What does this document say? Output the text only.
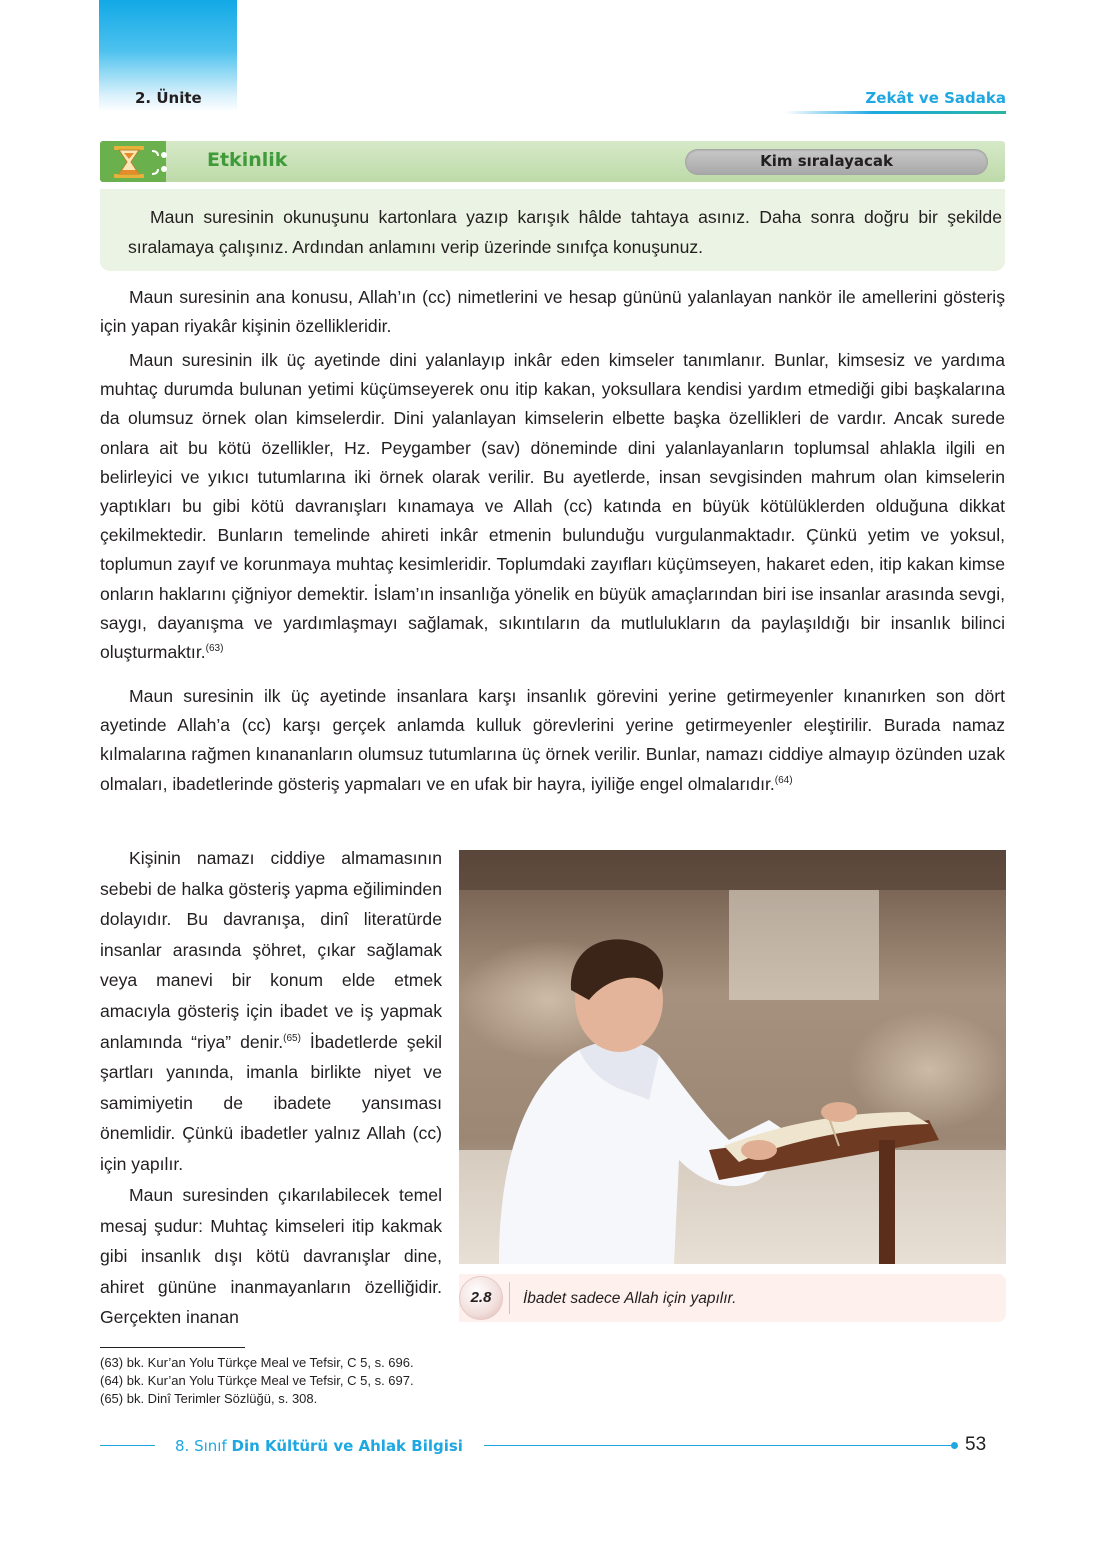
2. Ünite	Zekât ve Sadaka
Etkinlik	Kim sıralayacak
Maun suresinin okunuşunu kartonlara yazıp karışık hâlde tahtaya asınız. Daha sonra doğru bir şekilde sıralamaya çalışınız. Ardından anlamını verip üzerinde sınıfça konuşunuz.

Maun suresinin ana konusu, Allah’ın (cc) nimetlerini ve hesap gününü yalanlayan nankör ile amellerini gösteriş için yapan riyakâr kişinin özellikleridir.

Maun suresinin ilk üç ayetinde dini yalanlayıp inkâr eden kimseler tanımlanır. Bunlar, kimsesiz ve yardıma muhtaç durumda bulunan yetimi küçümseyerek onu itip kakan, yoksullara kendisi yardım etmediği gibi başkalarına da olumsuz örnek olan kimselerdir. Dini yalanlayan kimselerin elbette başka özellikleri de vardır. Ancak surede onlara ait bu kötü özellikler, Hz. Peygamber (sav) döneminde dini yalanlayanların toplumsal ahlakla ilgili en belirleyici ve yıkıcı tutumlarına iki örnek olarak verilir. Bu ayetlerde, insan sevgisinden mahrum olan kimselerin yaptıkları bu gibi kötü davranışları kınamaya ve Allah (cc) katında en büyük kötülüklerden olduğuna dikkat çekilmektedir. Bunların temelinde ahireti inkâr etmenin bulunduğu vurgulanmaktadır. Çünkü yetim ve yoksul, toplumun zayıf ve korunmaya muhtaç kesimleridir. Toplumdaki zayıfları küçümseyen, hakaret eden, itip kakan kimse onların haklarını çiğniyor demektir. İslam’ın insanlığa yönelik en büyük amaçlarından biri ise insanlar arasında sevgi, saygı, dayanışma ve yardımlaşmayı sağlamak, sıkıntıların da mutlulukların da paylaşıldığı bir insanlık bilinci oluşturmaktır.$^{(63)}$

Maun suresinin ilk üç ayetinde insanlara karşı insanlık görevini yerine getirmeyenler kınanırken son dört ayetinde Allah’a (cc) karşı gerçek anlamda kulluk görevlerini yerine getirmeyenler eleştirilir. Burada namaz kılmalarına rağmen kınananların olumsuz tutumlarına üç örnek verilir. Bunlar, namazı ciddiye almayıp özünden uzak olmaları, ibadetlerinde gösteriş yapmaları ve en ufak bir hayra, iyiliğe engel olmalarıdır.$^{(64)}$

Kişinin namazı ciddiye almamasının sebebi de halka gösteriş yapma eğiliminden dolayıdır. Bu davranışa, dinî literatürde insanlar arasında şöhret, çıkar sağlamak veya manevi bir konum elde etmek amacıyla gösteriş için ibadet ve iş yapmak anlamında “riya” denir.$^{(65)}$ İbadetlerde şekil şartları yanında, imanla birlikte niyet ve samimiyetin de ibadete yansıması önemlidir. Çünkü ibadetler yalnız Allah (cc) için yapılır.

Maun suresinden çıkarılabilecek temel mesaj şudur: Muhtaç kimseleri itip kakmak gibi insanlık dışı kötü davranışlar dine, ahiret gününe inanmayanların özelliğidir. Gerçekten inanan

2.8	İbadet sadece Allah için yapılır.
(63) bk. Kur’an Yolu Türkçe Meal ve Tefsir, C 5, s. 696.
(64) bk. Kur’an Yolu Türkçe Meal ve Tefsir, C 5, s. 697.
(65) bk. Dinî Terimler Sözlüğü, s. 308.
8. Sınıf Din Kültürü ve Ahlak Bilgisi	53
